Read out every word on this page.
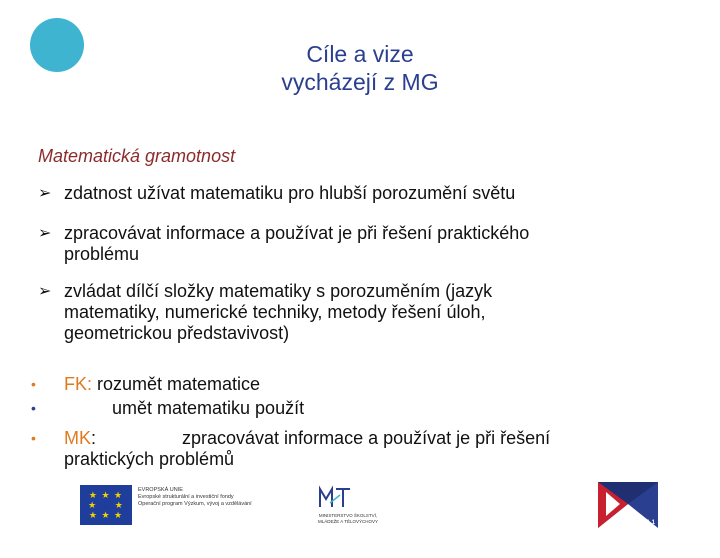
Cíle a vize
vycházejí z MG
Matematická gramotnost
➢ zdatnost užívat matematiku pro hlubší porozumění světu
➢ zpracovávat informace a používat je při řešení praktického
problému
➢ zvládat dílčí složky matematiky s porozuměním (jazyk
matematiky, numerické techniky, metody řešení úloh,
geometrickou představivost)
• FK: rozumět matematice
•	umět matematiku použít
• MK:	zpracovávat informace a používat je při řešení
praktických problémů
★ ★ ★
★     ★
★ ★ ★
EVROPSKÁ UNIE
Evropské strukturální a investiční fondy
Operační program Výzkum, vývoj a vzdělávání
MINISTERSTVO ŠKOLSTVÍ,
MLÁDEŽE A TĚLOVÝCHOVY	PRAHA 1
